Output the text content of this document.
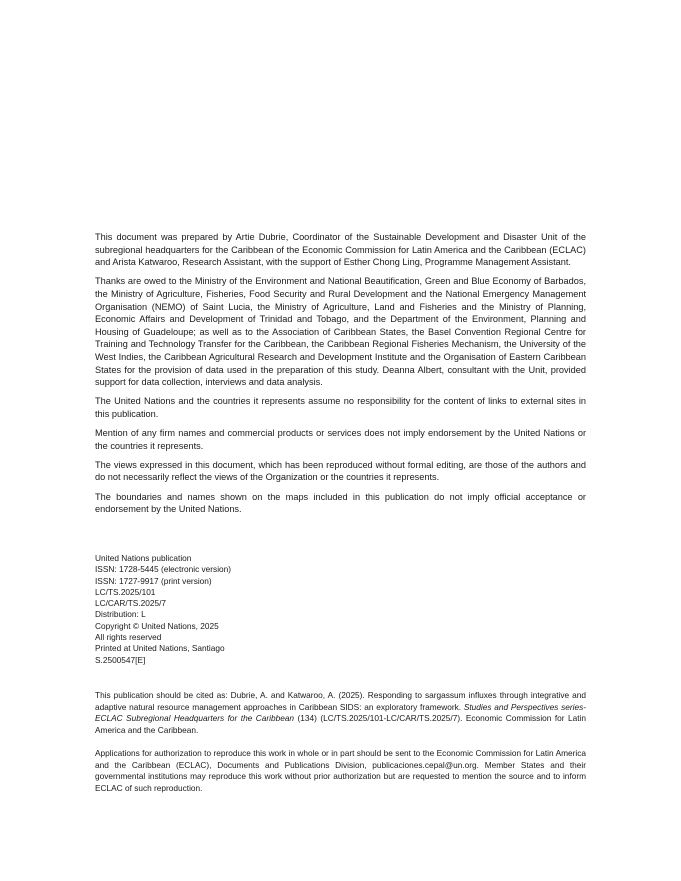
This document was prepared by Artie Dubrie, Coordinator of the Sustainable Development and Disaster Unit of the subregional headquarters for the Caribbean of the Economic Commission for Latin America and the Caribbean (ECLAC) and Arista Katwaroo, Research Assistant, with the support of Esther Chong Ling, Programme Management Assistant.

Thanks are owed to the Ministry of the Environment and National Beautification, Green and Blue Economy of Barbados, the Ministry of Agriculture, Fisheries, Food Security and Rural Development and the National Emergency Management Organisation (NEMO) of Saint Lucia, the Ministry of Agriculture, Land and Fisheries and the Ministry of Planning, Economic Affairs and Development of Trinidad and Tobago, and the Department of the Environment, Planning and Housing of Guadeloupe; as well as to the Association of Caribbean States, the Basel Convention Regional Centre for Training and Technology Transfer for the Caribbean, the Caribbean Regional Fisheries Mechanism, the University of the West Indies, the Caribbean Agricultural Research and Development Institute and the Organisation of Eastern Caribbean States for the provision of data used in the preparation of this study. Deanna Albert, consultant with the Unit, provided support for data collection, interviews and data analysis.

The United Nations and the countries it represents assume no responsibility for the content of links to external sites in this publication.

Mention of any firm names and commercial products or services does not imply endorsement by the United Nations or the countries it represents.

The views expressed in this document, which has been reproduced without formal editing, are those of the authors and do not necessarily reflect the views of the Organization or the countries it represents.

The boundaries and names shown on the maps included in this publication do not imply official acceptance or endorsement by the United Nations.

United Nations publication
ISSN: 1728-5445 (electronic version)
ISSN: 1727-9917 (print version)
LC/TS.2025/101
LC/CAR/TS.2025/7
Distribution: L
Copyright © United Nations, 2025
All rights reserved
Printed at United Nations, Santiago
S.2500547[E]

This publication should be cited as: Dubrie, A. and Katwaroo, A. (2025). Responding to sargassum influxes through integrative and adaptive natural resource management approaches in Caribbean SIDS: an exploratory framework. Studies and Perspectives series-ECLAC Subregional Headquarters for the Caribbean (134) (LC/TS.2025/101-LC/CAR/TS.2025/7). Economic Commission for Latin America and the Caribbean.

Applications for authorization to reproduce this work in whole or in part should be sent to the Economic Commission for Latin America and the Caribbean (ECLAC), Documents and Publications Division, publicaciones.cepal@un.org. Member States and their governmental institutions may reproduce this work without prior authorization but are requested to mention the source and to inform ECLAC of such reproduction.
